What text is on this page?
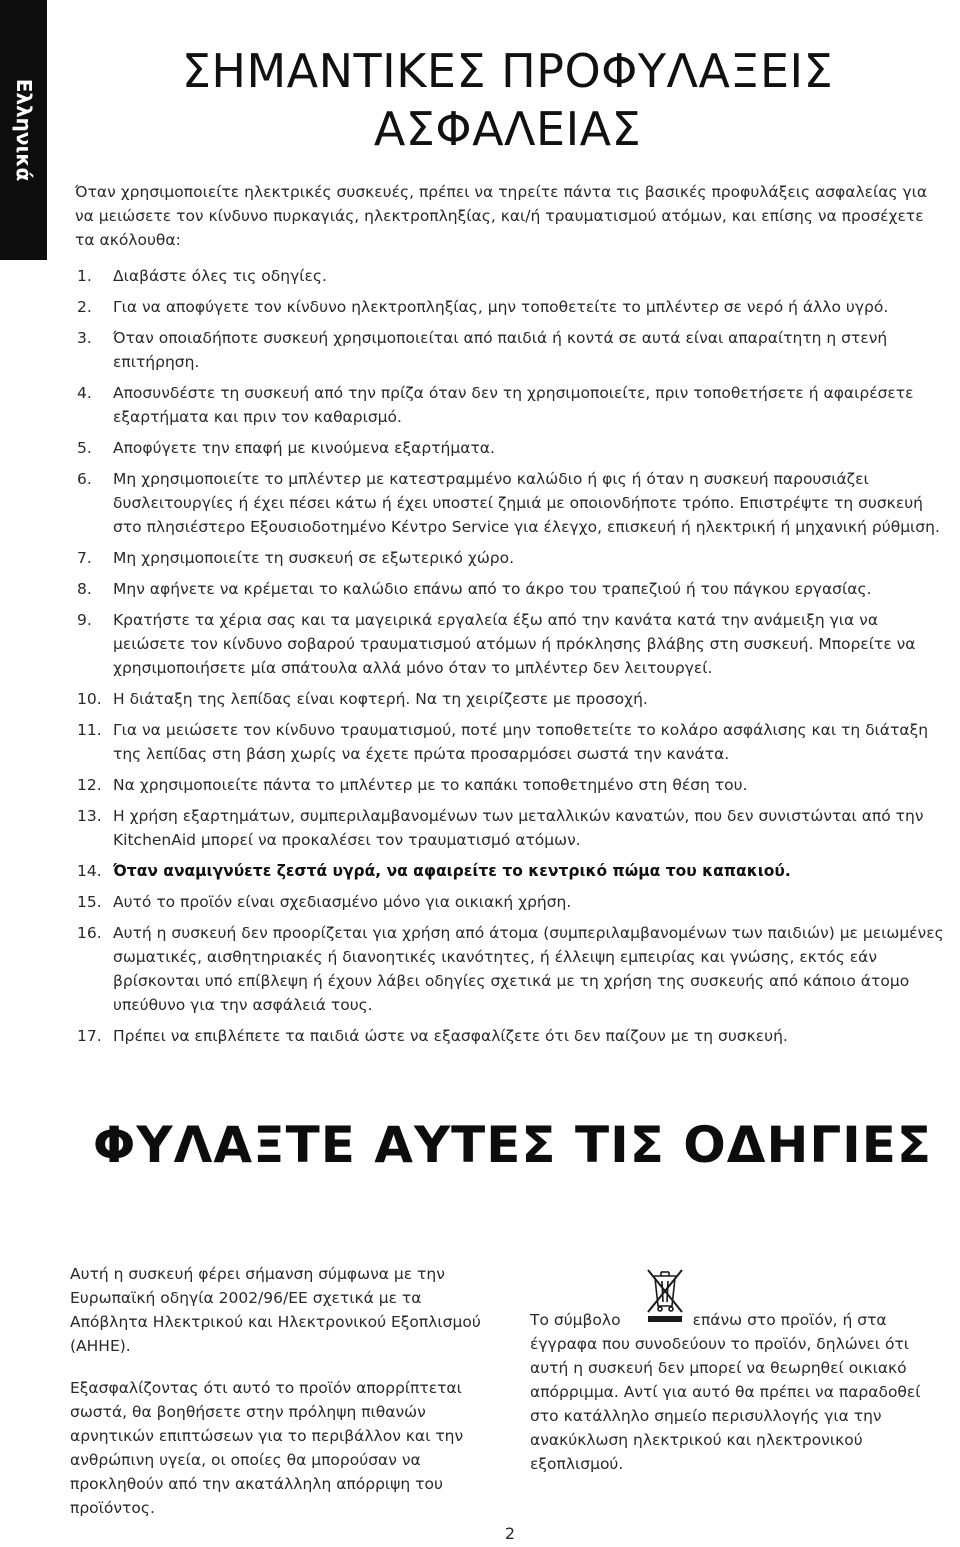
Ελληνικά
ΣΗΜΑΝΤΙΚΕΣ ΠΡΟΦΥΛΑΞΕΙΣ
ΑΣΦΑΛΕΙΑΣ
Όταν χρησιμοποιείτε ηλεκτρικές συσκευές, πρέπει να τηρείτε πάντα τις βασικές προφυλάξεις ασφαλείας για να μειώσετε τον κίνδυνο πυρκαγιάς, ηλεκτροπληξίας, και/ή τραυματισμού ατόμων, και επίσης να προσέχετε τα ακόλουθα:
1.	Διαβάστε όλες τις οδηγίες.
2.	Για να αποφύγετε τον κίνδυνο ηλεκτροπληξίας, μην τοποθετείτε το μπλέντερ σε νερό ή άλλο υγρό.
3.	Όταν οποιαδήποτε συσκευή χρησιμοποιείται από παιδιά ή κοντά σε αυτά είναι απαραίτητη η στενή επιτήρηση.
4.	Αποσυνδέστε τη συσκευή από την πρίζα όταν δεν τη χρησιμοποιείτε, πριν τοποθετήσετε ή αφαιρέσετε εξαρτήματα και πριν τον καθαρισμό.
5.	Αποφύγετε την επαφή με κινούμενα εξαρτήματα.
6.	Μη χρησιμοποιείτε το μπλέντερ με κατεστραμμένο καλώδιο ή φις ή όταν η συσκευή παρουσιάζει δυσλειτουργίες ή έχει πέσει κάτω ή έχει υποστεί ζημιά με οποιονδήποτε τρόπο. Επιστρέψτε τη συσκευή στο πλησιέστερο Εξουσιοδοτημένο Κέντρο Service για έλεγχο, επισκευή ή ηλεκτρική ή μηχανική ρύθμιση.
7.	Μη χρησιμοποιείτε τη συσκευή σε εξωτερικό χώρο.
8.	Μην αφήνετε να κρέμεται το καλώδιο επάνω από το άκρο του τραπεζιού ή του πάγκου εργασίας.
9.	Κρατήστε τα χέρια σας και τα μαγειρικά εργαλεία έξω από την κανάτα κατά την ανάμειξη για να μειώσετε τον κίνδυνο σοβαρού τραυματισμού ατόμων ή πρόκλησης βλάβης στη συσκευή. Μπορείτε να χρησιμοποιήσετε μία σπάτουλα αλλά μόνο όταν το μπλέντερ δεν λειτουργεί.
10. Η διάταξη της λεπίδας είναι κοφτερή. Να τη χειρίζεστε με προσοχή.
11. Για να μειώσετε τον κίνδυνο τραυματισμού, ποτέ μην τοποθετείτε το κολάρο ασφάλισης και τη διάταξη της λεπίδας στη βάση χωρίς να έχετε πρώτα προσαρμόσει σωστά την κανάτα.
12. Να χρησιμοποιείτε πάντα το μπλέντερ με το καπάκι τοποθετημένο στη θέση του.
13. Η χρήση εξαρτημάτων, συμπεριλαμβανομένων των μεταλλικών κανατών, που δεν συνιστώνται από την KitchenAid μπορεί να προκαλέσει τον τραυματισμό ατόμων.
14. Όταν αναμιγνύετε ζεστά υγρά, να αφαιρείτε το κεντρικό πώμα του καπακιού.
15. Αυτό το προϊόν είναι σχεδιασμένο μόνο για οικιακή χρήση.
16. Αυτή η συσκευή δεν προορίζεται για χρήση από άτομα (συμπεριλαμβανομένων των παιδιών) με μειωμένες σωματικές, αισθητηριακές ή διανοητικές ικανότητες, ή έλλειψη εμπειρίας και γνώσης, εκτός εάν βρίσκονται υπό επίβλεψη ή έχουν λάβει οδηγίες σχετικά με τη χρήση της συσκευής από κάποιο άτομο υπεύθυνο για την ασφάλειά τους.
17. Πρέπει να επιβλέπετε τα παιδιά ώστε να εξασφαλίζετε ότι δεν παίζουν με τη συσκευή.
ΦΥΛΑΞΤΕ ΑΥΤΕΣ ΤΙΣ ΟΔΗΓΙΕΣ

Αυτή η συσκευή φέρει σήμανση σύμφωνα με την Ευρωπαϊκή οδηγία 2002/96/ΕΕ σχετικά με τα Απόβλητα Ηλεκτρικού και Ηλεκτρονικού Εξοπλισμού (ΑΗΗΕ).

Εξασφαλίζοντας ότι αυτό το προϊόν απορρίπτεται σωστά, θα βοηθήσετε στην πρόληψη πιθανών αρνητικών επιπτώσεων για το περιβάλλον και την ανθρώπινη υγεία, οι οποίες θα μπορούσαν να προκληθούν από την ακατάλληλη απόρριψη του προϊόντος.

Το σύμβολο	επάνω στο προϊόν, ή στα έγγραφα που συνοδεύουν το προϊόν, δηλώνει ότι αυτή η συσκευή δεν μπορεί να θεωρηθεί οικιακό απόρριμμα. Αντί για αυτό θα πρέπει να παραδοθεί στο κατάλληλο σημείο περισυλλογής για την ανακύκλωση ηλεκτρικού και ηλεκτρονικού εξοπλισμού.

2
